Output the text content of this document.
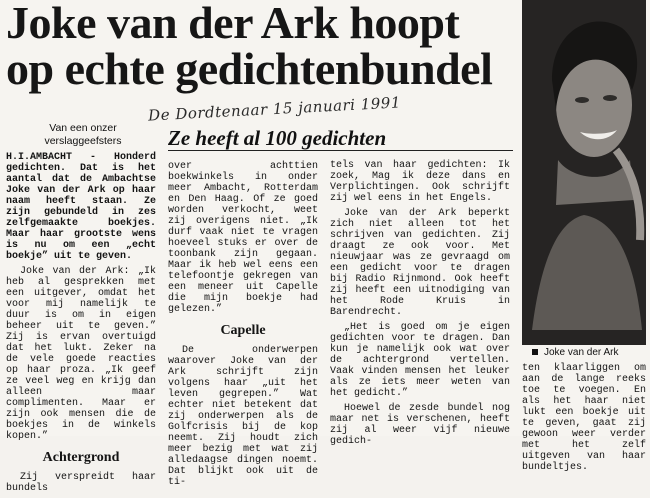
Joke van der Ark hoopt
op echte gedichtenbundel
De Dordtenaar 15 januari 1991
Van een onzer
verslaggeefsters	Ze heeft al 100 gedichten

H.I.AMBACHT - Honderd gedichten. Dat is het aantal dat de Ambachtse Joke van der Ark op haar naam heeft staan. Ze zijn gebundeld in zes zelfgemaakte boekjes. Maar haar grootste wens is nu om een „echt boekje” uit te geven.

Joke van der Ark: „Ik heb al gesprekken met een uitgever, omdat het voor mij namelijk te duur is om in eigen beheer uit te geven.” Zij is ervan overtuigd dat het lukt. Zeker na de vele goede reacties op haar proza. „Ik geef ze veel weg en krijg dan alleen maar complimenten. Maar er zijn ook mensen die de boekjes in de winkels kopen.”

Achtergrond

Zij verspreidt haar bundels

over achttien boekwinkels in onder meer Ambacht, Rotterdam en Den Haag. Of ze goed worden verkocht, weet zij overigens niet. „Ik durf vaak niet te vragen hoeveel stuks er over de toonbank zijn gegaan. Maar ik heb wel eens een telefoontje gekregen van een meneer uit Capelle die mijn boekje had gelezen.”

Capelle

De onderwerpen waarover Joke van der Ark schrijft zijn volgens haar „uit het leven gegrepen.” Wat echter niet betekent dat zij onderwerpen als de Golfcrisis bij de kop neemt. Zij houdt zich meer bezig met wat zij alledaagse dingen noemt. Dat blijkt ook uit de ti-

tels van haar gedichten: Ik zoek, Mag ik deze dans en Verplichtingen. Ook schrijft zij wel eens in het Engels.

Joke van der Ark beperkt zich niet alleen tot het schrijven van gedichten. Zij draagt ze ook voor. Met nieuwjaar was ze gevraagd om een gedicht voor te dragen bij Radio Rijnmond. Ook heeft zij heeft een uitnodiging van het Rode Kruis in Barendrecht.

„Het is goed om je eigen gedichten voor te dragen. Dan kun je namelijk ook wat over de achtergrond vertellen. Vaak vinden mensen het leuker als ze iets meer weten van het gedicht.”

Hoewel de zesde bundel nog maar net is verschenen, heeft zij al weer vijf nieuwe gedich-

Joke van der Ark

ten klaarliggen om aan de lange reeks toe te voegen. En als het haar niet lukt een boekje uit te geven, gaat zij gewoon weer verder met het zelf uitgeven van haar bundeltjes.
